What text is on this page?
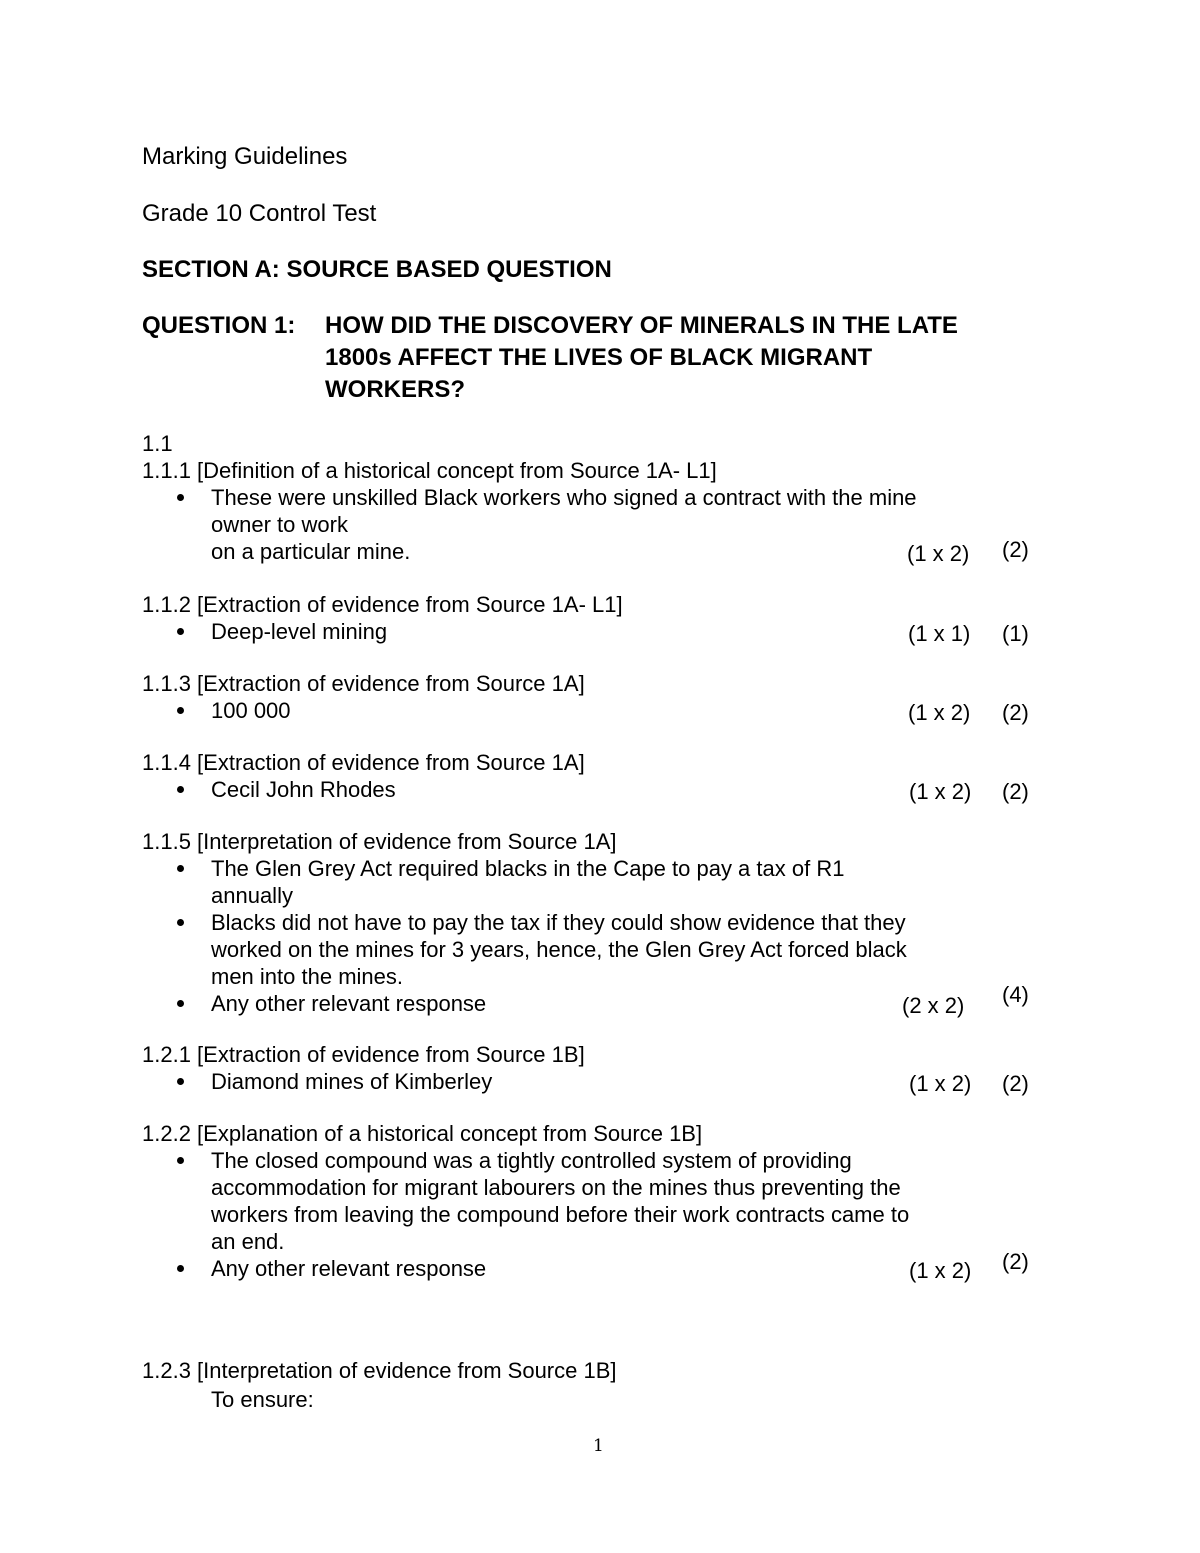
Marking Guidelines
Grade 10 Control Test
SECTION A: SOURCE BASED QUESTION
QUESTION 1: HOW DID THE DISCOVERY OF MINERALS IN THE LATE
1800s AFFECT THE LIVES OF BLACK MIGRANT
WORKERS?
1.1
1.1.1 [Definition of a historical concept from Source 1A- L1]
These were unskilled Black workers who signed a contract with the mine
owner to work
on a particular mine.	(1 x 2) (2)
1.1.2 [Extraction of evidence from Source 1A- L1]
Deep-level mining	(1 x 1) (1)
1.1.3 [Extraction of evidence from Source 1A]
100 000	(1 x 2) (2)
1.1.4 [Extraction of evidence from Source 1A]
Cecil John Rhodes	(1 x 2) (2)
1.1.5 [Interpretation of evidence from Source 1A]
The Glen Grey Act required blacks in the Cape to pay a tax of R1
annually
Blacks did not have to pay the tax if they could show evidence that they
worked on the mines for 3 years, hence, the Glen Grey Act forced black
men into the mines.
Any other relevant response	(2 x 2) (4)
1.2.1 [Extraction of evidence from Source 1B]
Diamond mines of Kimberley	(1 x 2) (2)
1.2.2 [Explanation of a historical concept from Source 1B]
The closed compound was a tightly controlled system of providing
accommodation for migrant labourers on the mines thus preventing the
workers from leaving the compound before their work contracts came to
an end.
Any other relevant response	(1 x 2) (2)
1.2.3 [Interpretation of evidence from Source 1B]
To ensure:
1
